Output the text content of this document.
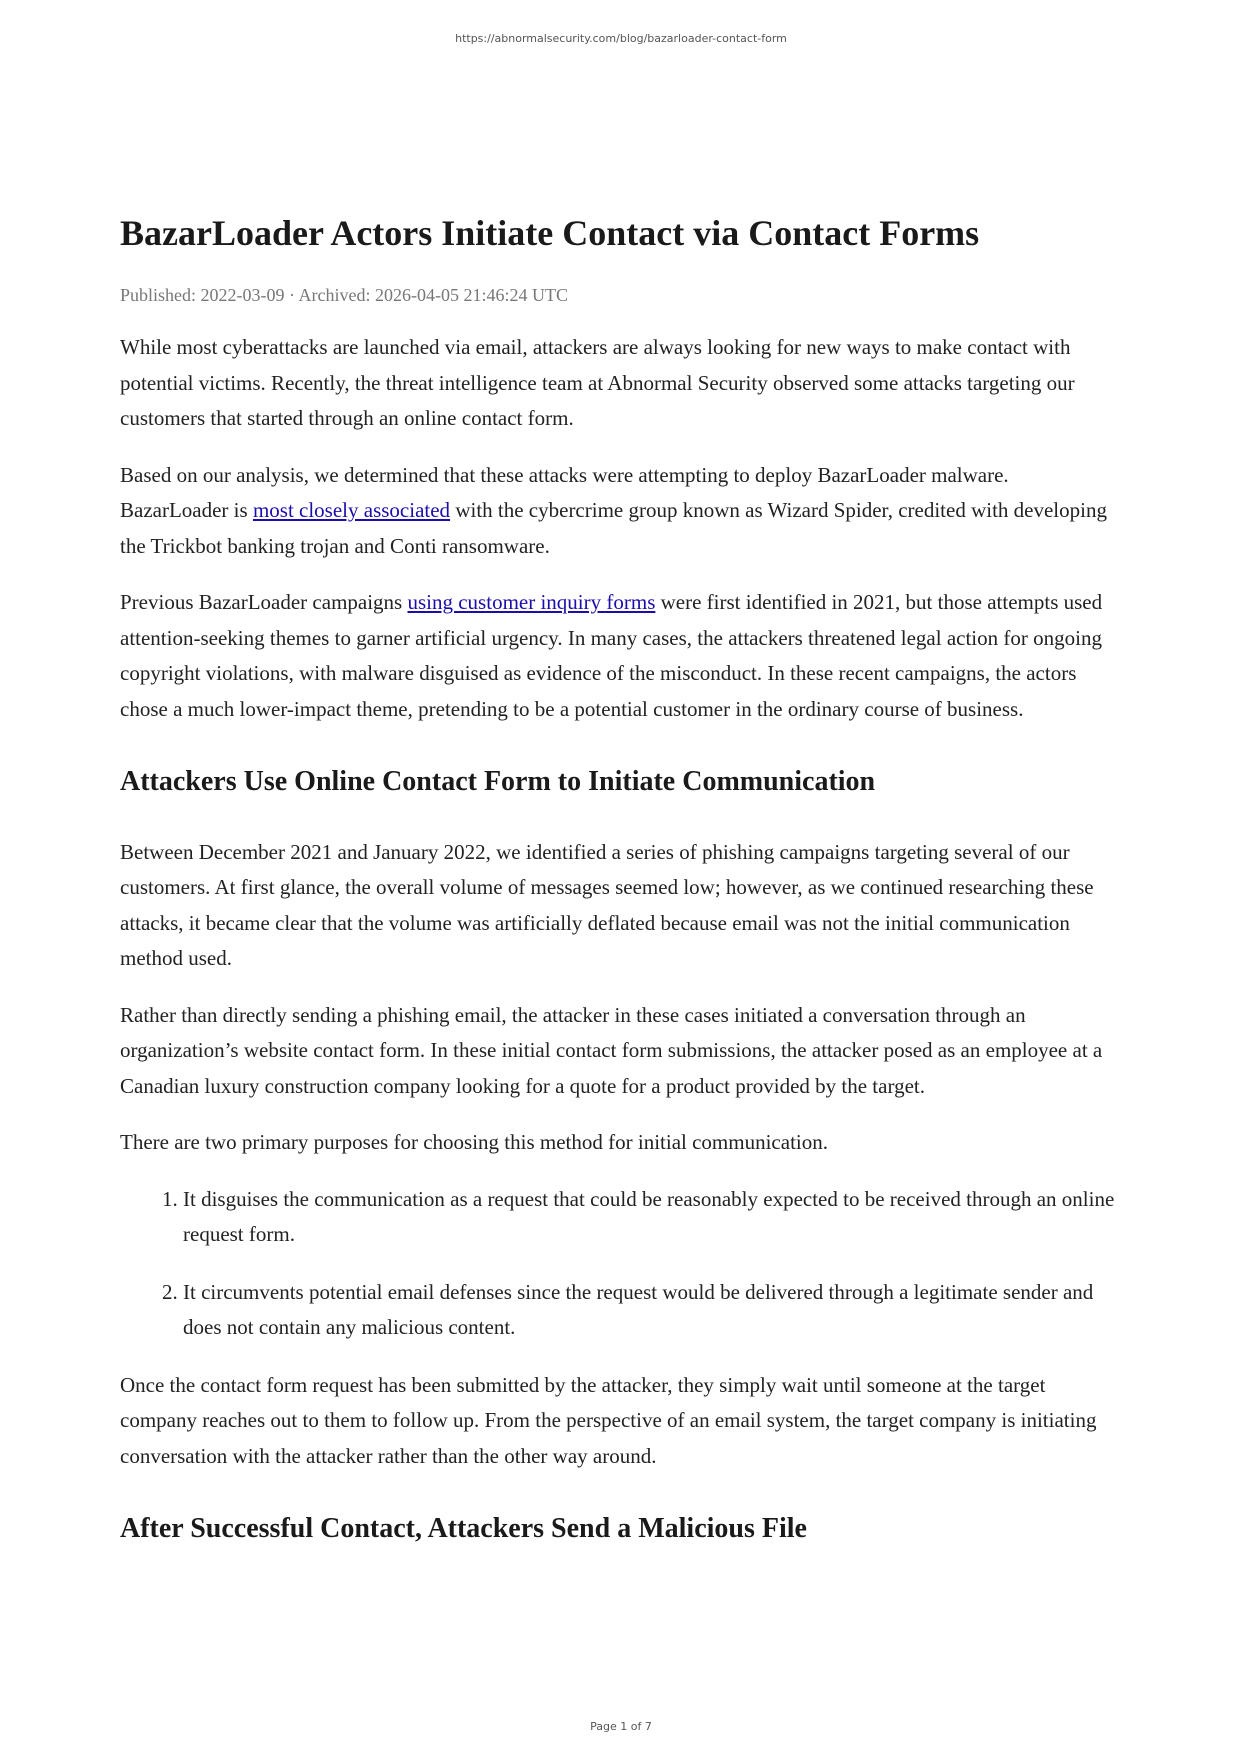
https://abnormalsecurity.com/blog/bazarloader-contact-form
BazarLoader Actors Initiate Contact via Contact Forms
Published: 2022-03-09 · Archived: 2026-04-05 21:46:24 UTC

While most cyberattacks are launched via email, attackers are always looking for new ways to make contact with potential victims. Recently, the threat intelligence team at Abnormal Security observed some attacks targeting our customers that started through an online contact form.

Based on our analysis, we determined that these attacks were attempting to deploy BazarLoader malware. BazarLoader is most closely associated with the cybercrime group known as Wizard Spider, credited with developing the Trickbot banking trojan and Conti ransomware.

Previous BazarLoader campaigns using customer inquiry forms were first identified in 2021, but those attempts used attention-seeking themes to garner artificial urgency. In many cases, the attackers threatened legal action for ongoing copyright violations, with malware disguised as evidence of the misconduct. In these recent campaigns, the actors chose a much lower-impact theme, pretending to be a potential customer in the ordinary course of business.

Attackers Use Online Contact Form to Initiate Communication

Between December 2021 and January 2022, we identified a series of phishing campaigns targeting several of our customers. At first glance, the overall volume of messages seemed low; however, as we continued researching these attacks, it became clear that the volume was artificially deflated because email was not the initial communication method used.

Rather than directly sending a phishing email, the attacker in these cases initiated a conversation through an organization’s website contact form. In these initial contact form submissions, the attacker posed as an employee at a Canadian luxury construction company looking for a quote for a product provided by the target.

There are two primary purposes for choosing this method for initial communication.

1. It disguises the communication as a request that could be reasonably expected to be received through an online request form.
2. It circumvents potential email defenses since the request would be delivered through a legitimate sender and does not contain any malicious content.

Once the contact form request has been submitted by the attacker, they simply wait until someone at the target company reaches out to them to follow up. From the perspective of an email system, the target company is initiating conversation with the attacker rather than the other way around.

After Successful Contact, Attackers Send a Malicious File
Page 1 of 7
